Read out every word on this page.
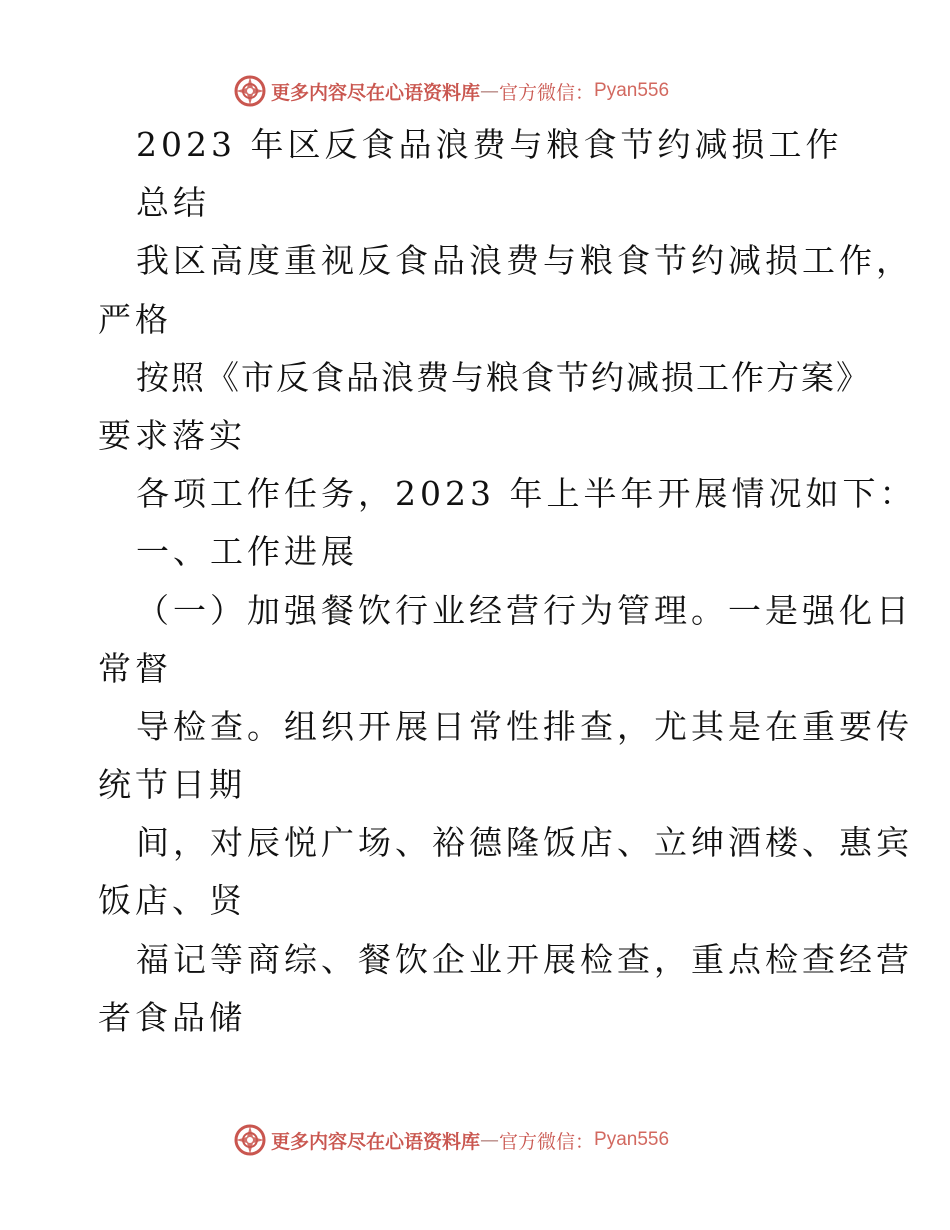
更多内容尽在心语资料库 — 官方微信： Pyan556
2023 年区反食品浪费与粮食节约减损工作
总结
我区高度重视反食品浪费与粮食节约减损工作，
严格
按照《市反食品浪费与粮食节约减损工作方案》
要求落实
各项工作任务，2023 年上半年开展情况如下：
一、工作进展
（一）加强餐饮行业经营行为管理。一是强化日
常督
导检查。组织开展日常性排查，尤其是在重要传
统节日期
间，对辰悦广场、裕德隆饭店、立绅酒楼、惠宾
饭店、贤
福记等商综、餐饮企业开展检查，重点检查经营
者食品储
更多内容尽在心语资料库 — 官方微信： Pyan556
